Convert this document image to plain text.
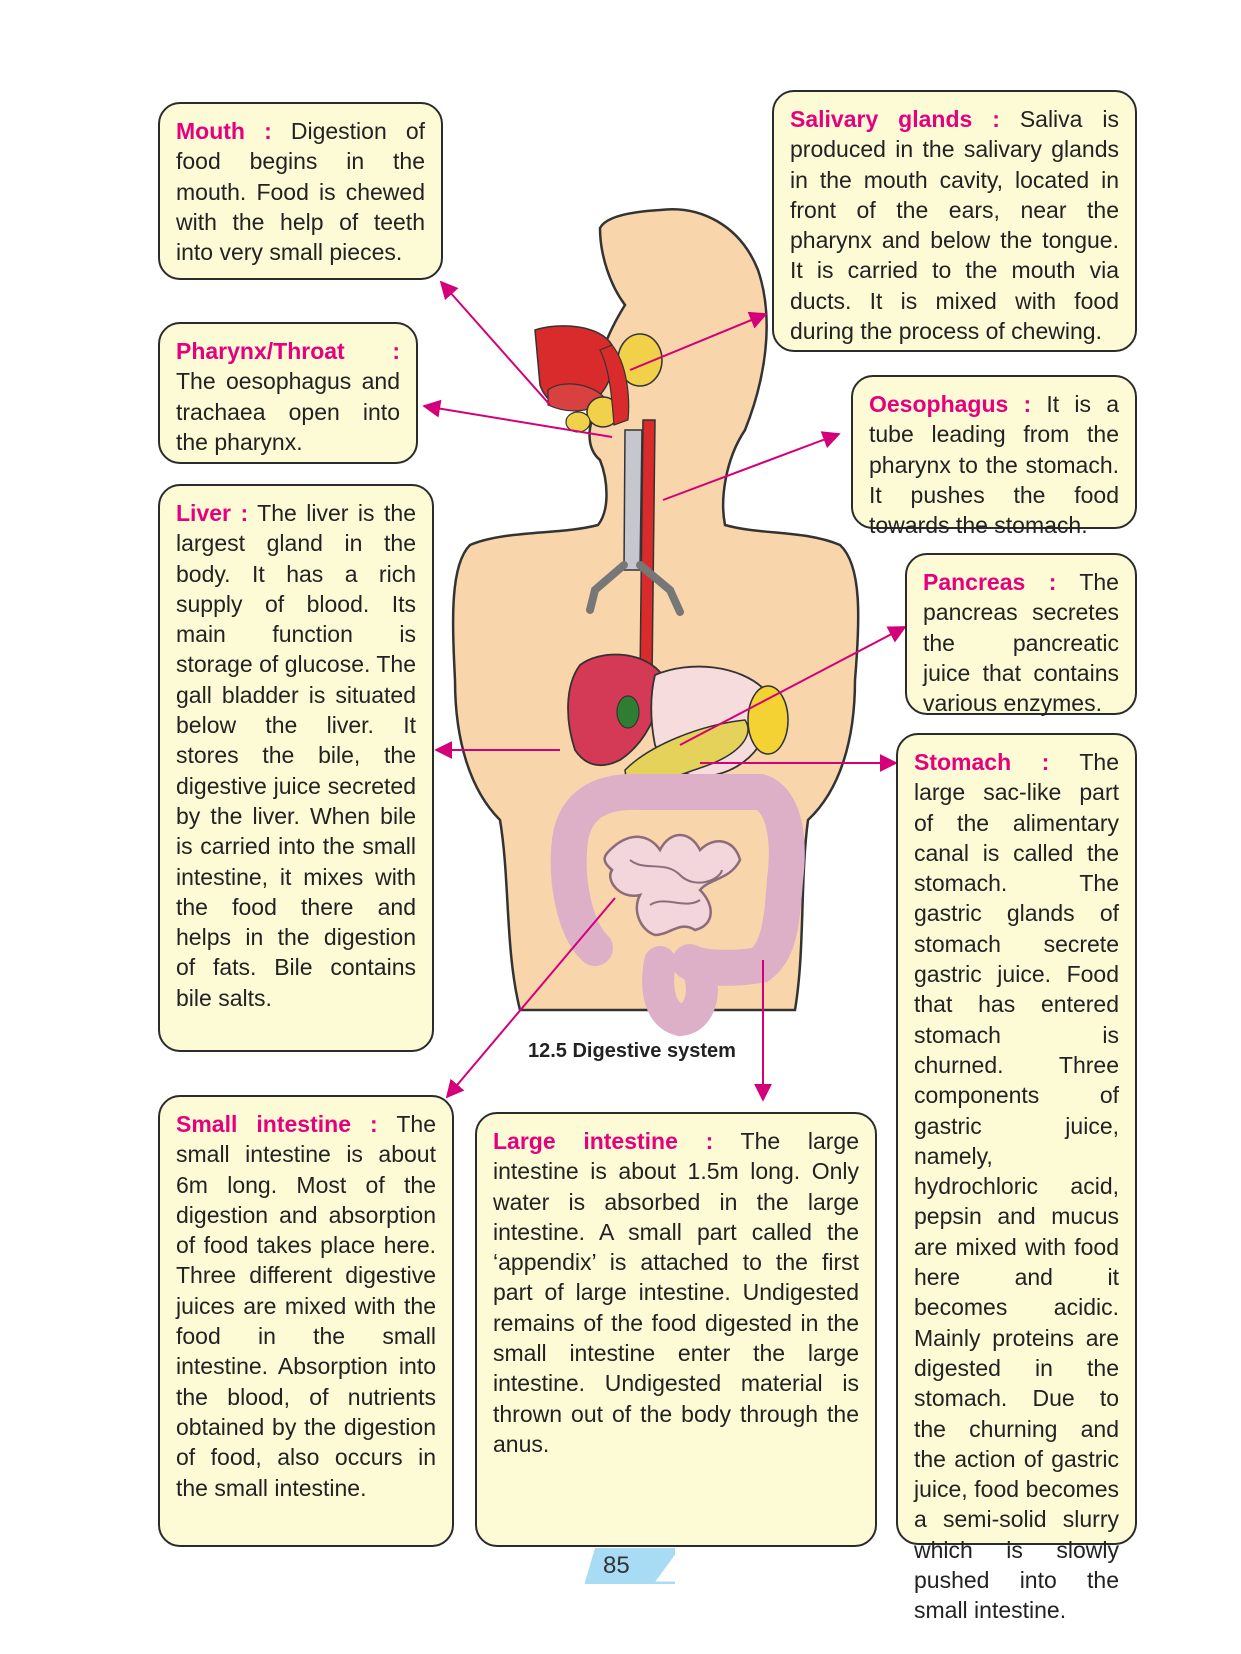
Mouth : Digestion of food begins in the mouth. Food is chewed with the help of teeth into very small pieces.
Salivary glands : Saliva is produced in the salivary glands in the mouth cavity, located in front of the ears, near the pharynx and below the tongue. It is carried to the mouth via ducts. It is mixed with food during the process of chewing.
Pharynx/Throat : The oesophagus and trachaea open into the pharynx.
Oesophagus : It is a tube leading from the pharynx to the stomach. It pushes the food towards the stomach.
Liver : The liver is the largest gland in the body. It has a rich supply of blood. Its main function is storage of glucose. The gall bladder is situated below the liver. It stores the bile, the digestive juice secreted by the liver. When bile is carried into the small intestine, it mixes with the food there and helps in the digestion of fats. Bile contains bile salts.
Pancreas : The pancreas secretes the pancreatic juice that contains various enzymes.
Stomach : The large sac-like part of the alimentary canal is called the stomach. The gastric glands of stomach secrete gastric juice. Food that has entered stomach is churned. Three components of gastric juice, namely, hydrochloric acid, pepsin and mucus are mixed with food here and it becomes acidic. Mainly proteins are digested in the stomach. Due to the churning and the action of gastric juice, food becomes a semi-solid slurry which is slowly pushed into the small intestine.
Small intestine : The small intestine is about 6m long. Most of the digestion and absorption of food takes place here. Three different digestive juices are mixed with the food in the small intestine. Absorption into the blood, of nutrients obtained by the digestion of food, also occurs in the small intestine.
Large intestine : The large intestine is about 1.5m long. Only water is absorbed in the large intestine. A small part called the ‘appendix’ is attached to the first part of large intestine. Undigested remains of the food digested in the small intestine enter the large intestine. Undigested material is thrown out of the body through the anus.
12.5 Digestive system
85
